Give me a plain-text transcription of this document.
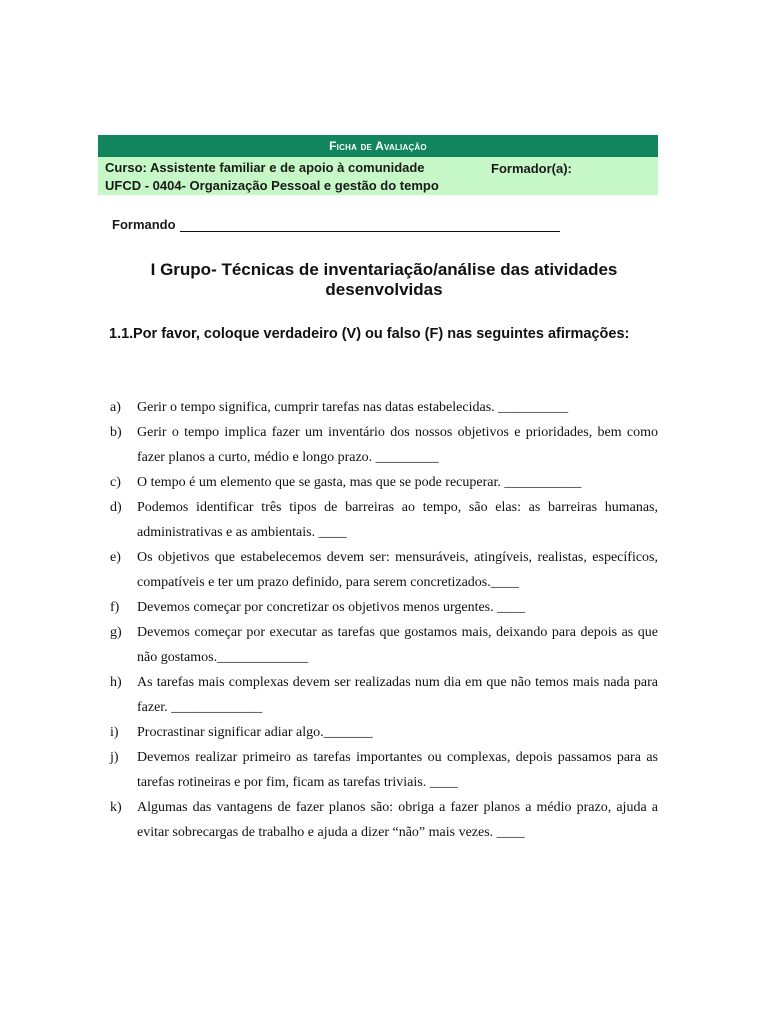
Ficha de Avaliação
Curso: Assistente familiar e de apoio à comunidade
UFCD - 0404- Organização Pessoal e gestão do tempo
Formador(a):
Formando
I Grupo- Técnicas de inventariação/análise das atividades desenvolvidas
1.1. Por favor, coloque verdadeiro (V) ou falso (F) nas seguintes afirmações:

a) Gerir o tempo significa, cumprir tarefas nas datas estabelecidas. __________

b) Gerir o tempo implica fazer um inventário dos nossos objetivos e prioridades, bem como fazer planos a curto, médio e longo prazo. _________

c) O tempo é um elemento que se gasta, mas que se pode recuperar. ___________

d) Podemos identificar três tipos de barreiras ao tempo, são elas: as barreiras humanas, administrativas e as ambientais. ____

e) Os objetivos que estabelecemos devem ser: mensuráveis, atingíveis, realistas, específicos, compatíveis e ter um prazo definido, para serem concretizados.____

f) Devemos começar por concretizar os objetivos menos urgentes. ____

g) Devemos começar por executar as tarefas que gostamos mais, deixando para depois as que não gostamos._____________

h) As tarefas mais complexas devem ser realizadas num dia em que não temos mais nada para fazer. _____________

i) Procrastinar significar adiar algo._______

j) Devemos realizar primeiro as tarefas importantes ou complexas, depois passamos para as tarefas rotineiras e por fim, ficam as tarefas triviais. ____

k) Algumas das vantagens de fazer planos são: obriga a fazer planos a médio prazo, ajuda a evitar sobrecargas de trabalho e ajuda a dizer “não” mais vezes. ____
